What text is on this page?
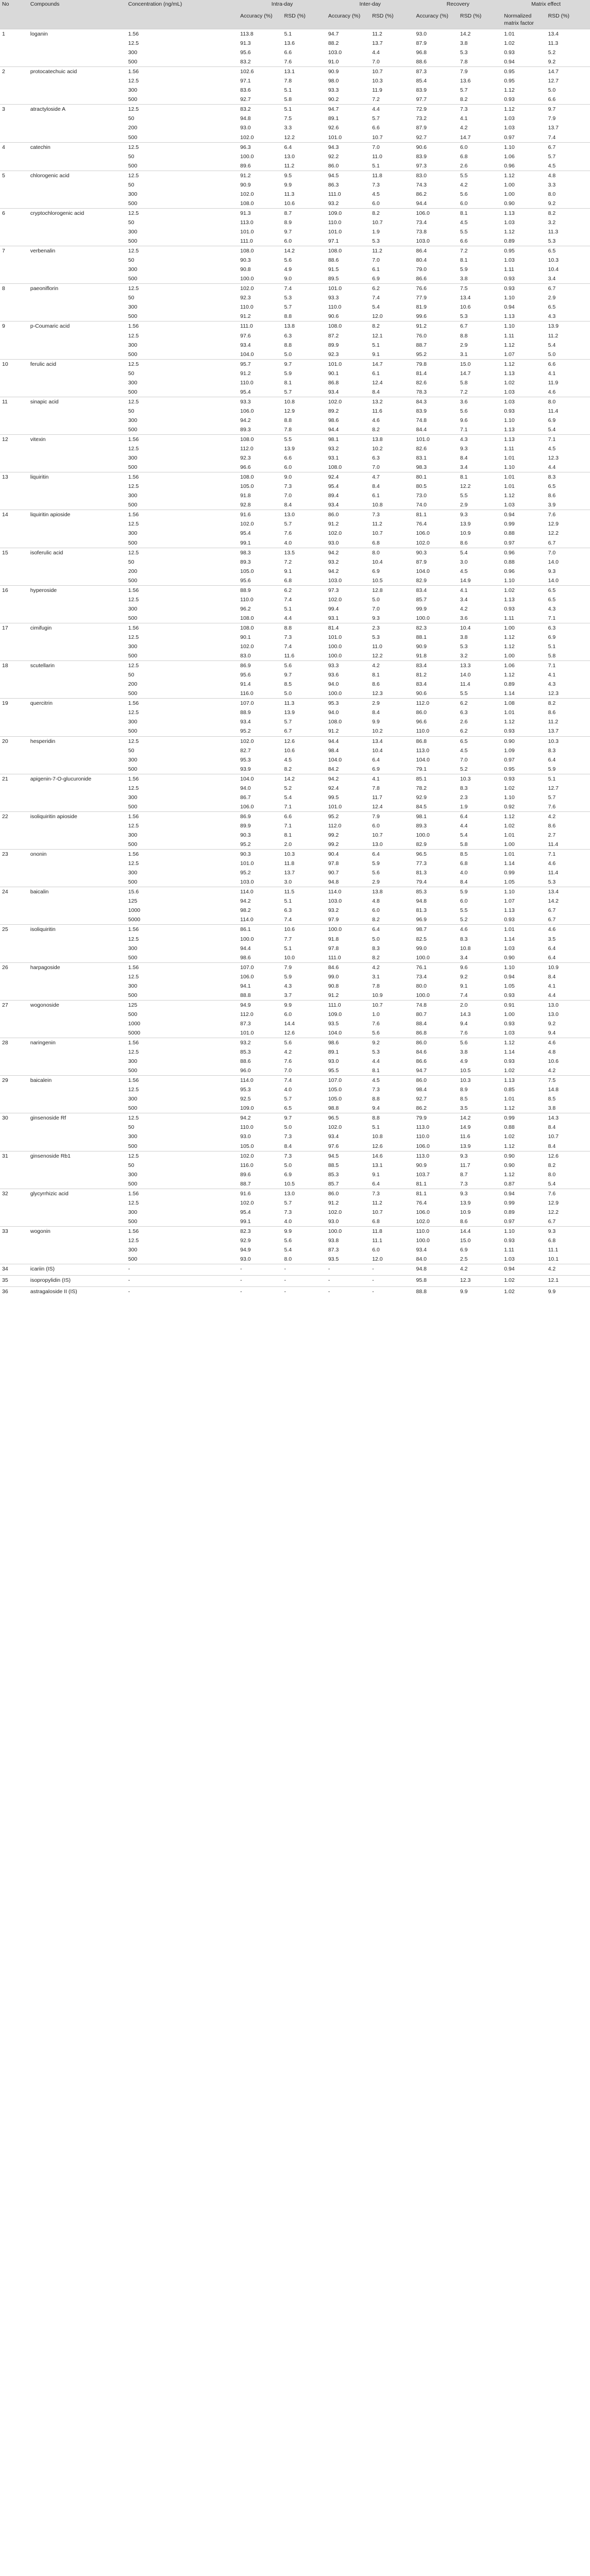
No	Compounds	Concentration (ng/mL)	Intra-day		Inter-day		Recovery		Matrix effect	
			Accuracy (%)	RSD (%)	Accuracy (%)	RSD (%)	Accuracy (%)	RSD (%)	Normalized matrix factor	RSD (%)
1	loganin	1.56	113.8	5.1	94.7	11.2	93.0	14.2	1.01	13.4
		12.5	91.3	13.6	88.2	13.7	87.9	3.8	1.02	11.3
		300	95.6	6.6	103.0	4.4	96.8	5.3	0.93	5.2
		500	83.2	7.6	91.0	7.0	88.6	7.8	0.94	9.2
2	protocatechuic acid	1.56	102.6	13.1	90.9	10.7	87.3	7.9	0.95	14.7
		12.5	97.1	7.8	98.0	10.3	85.4	13.6	0.95	12.7
		300	83.6	5.1	93.3	11.9	83.9	5.7	1.12	5.0
		500	92.7	5.8	90.2	7.2	97.7	8.2	0.93	6.6
3	atractyloside A	12.5	83.2	5.1	94.7	4.4	72.9	7.3	1.12	9.7
		50	94.8	7.5	89.1	5.7	73.2	4.1	1.03	7.9
		200	93.0	3.3	92.6	6.6	87.9	4.2	1.03	13.7
		500	102.0	12.2	101.0	10.7	92.7	14.7	0.97	7.4
4	catechin	12.5	96.3	6.4	94.3	7.0	90.6	6.0	1.10	6.7
		50	100.0	13.0	92.2	11.0	83.9	6.8	1.06	5.7
		500	89.6	11.2	86.0	5.1	97.3	2.6	0.96	4.5
5	chlorogenic acid	12.5	91.2	9.5	94.5	11.8	83.0	5.5	1.12	4.8
		50	90.9	9.9	86.3	7.3	74.3	4.2	1.00	3.3
		300	102.0	11.3	111.0	4.5	86.2	5.6	1.00	8.0
		500	108.0	10.6	93.2	6.0	94.4	6.0	0.90	9.2
6	cryptochlorogenic acid	12.5	91.3	8.7	109.0	8.2	106.0	8.1	1.13	8.2
		50	113.0	8.9	110.0	10.7	73.4	4.5	1.03	3.2
		300	101.0	9.7	101.0	1.9	73.8	5.5	1.12	11.3
		500	111.0	6.0	97.1	5.3	103.0	6.6	0.89	5.3
7	verbenalin	12.5	108.0	14.2	108.0	11.2	86.4	7.2	0.95	6.5
		50	90.3	5.6	88.6	7.0	80.4	8.1	1.03	10.3
		300	90.8	4.9	91.5	6.1	79.0	5.9	1.11	10.4
		500	100.0	9.0	89.5	6.9	86.6	3.8	0.93	3.4
8	paeoniflorin	12.5	102.0	7.4	101.0	6.2	76.6	7.5	0.93	6.7
		50	92.3	5.3	93.3	7.4	77.9	13.4	1.10	2.9
		300	110.0	5.7	110.0	5.4	81.9	10.6	0.94	6.5
		500	91.2	8.8	90.6	12.0	99.6	5.3	1.13	4.3
9	p-Coumaric acid	1.56	111.0	13.8	108.0	8.2	91.2	6.7	1.10	13.9
		12.5	97.6	6.3	87.2	12.1	76.0	8.8	1.11	11.2
		300	93.4	8.8	89.9	5.1	88.7	2.9	1.12	5.4
		500	104.0	5.0	92.3	9.1	95.2	3.1	1.07	5.0
10	ferulic acid	12.5	95.7	9.7	101.0	14.7	79.8	15.0	1.12	6.6
		50	91.2	5.9	90.1	6.1	81.4	14.7	1.13	4.1
		300	110.0	8.1	86.8	12.4	82.6	5.8	1.02	11.9
		500	95.4	5.7	93.4	8.4	78.3	7.2	1.03	4.6
11	sinapic acid	12.5	93.3	10.8	102.0	13.2	84.3	3.6	1.03	8.0
		50	106.0	12.9	89.2	11.6	83.9	5.6	0.93	11.4
		300	94.2	8.8	98.6	4.6	74.8	9.6	1.10	6.9
		500	89.3	7.8	94.4	8.2	84.4	7.1	1.13	5.4
12	vitexin	1.56	108.0	5.5	98.1	13.8	101.0	4.3	1.13	7.1
		12.5	112.0	13.9	93.2	10.2	82.6	9.3	1.11	4.5
		300	92.3	6.6	93.1	6.3	83.1	8.4	1.01	12.3
		500	96.6	6.0	108.0	7.0	98.3	3.4	1.10	4.4
13	liquiritin	1.56	108.0	9.0	92.4	4.7	80.1	8.1	1.01	8.3
		12.5	105.0	7.3	95.4	8.4	80.5	12.2	1.01	6.5
		300	91.8	7.0	89.4	6.1	73.0	5.5	1.12	8.6
		500	92.8	8.4	93.4	10.8	74.0	2.9	1.03	3.9
14	liquiritin apioside	1.56	91.6	13.0	86.0	7.3	81.1	9.3	0.94	7.6
		12.5	102.0	5.7	91.2	11.2	76.4	13.9	0.99	12.9
		300	95.4	7.6	102.0	10.7	106.0	10.9	0.88	12.2
		500	99.1	4.0	93.0	6.8	102.0	8.6	0.97	6.7
15	isoferulic acid	12.5	98.3	13.5	94.2	8.0	90.3	5.4	0.96	7.0
		50	89.3	7.2	93.2	10.4	87.9	3.0	0.88	14.0
		200	105.0	9.1	94.2	6.9	104.0	4.5	0.96	9.3
		500	95.6	6.8	103.0	10.5	82.9	14.9	1.10	14.0
16	hyperoside	1.56	88.9	6.2	97.3	12.8	83.4	4.1	1.02	6.5
		12.5	110.0	7.4	102.0	5.0	85.7	3.4	1.13	6.5
		300	96.2	5.1	99.4	7.0	99.9	4.2	0.93	4.3
		500	108.0	4.4	93.1	9.3	100.0	3.6	1.11	7.1
17	cimifugin	1.56	108.0	8.8	81.4	2.3	82.3	10.4	1.00	6.3
		12.5	90.1	7.3	101.0	5.3	88.1	3.8	1.12	6.9
		300	102.0	7.4	100.0	11.0	90.9	5.3	1.12	5.1
		500	83.0	11.6	100.0	12.2	91.8	3.2	1.00	5.8
18	scutellarin	12.5	86.9	5.6	93.3	4.2	83.4	13.3	1.06	7.1
		50	95.6	9.7	93.6	8.1	81.2	14.0	1.12	4.1
		200	91.4	8.5	94.0	8.6	83.4	11.4	0.89	4.3
		500	116.0	5.0	100.0	12.3	90.6	5.5	1.14	12.3
19	quercitrin	1.56	107.0	11.3	95.3	2.9	112.0	6.2	1.08	8.2
		12.5	88.9	13.9	94.0	8.4	86.0	6.3	1.01	8.6
		300	93.4	5.7	108.0	9.9	96.6	2.6	1.12	11.2
		500	95.2	6.7	91.2	10.2	110.0	6.2	0.93	13.7
20	hesperidin	12.5	102.0	12.6	94.4	13.4	86.8	6.5	0.90	10.3
		50	82.7	10.6	98.4	10.4	113.0	4.5	1.09	8.3
		300	95.3	4.5	104.0	6.4	104.0	7.0	0.97	6.4
		500	93.9	8.2	84.2	6.9	79.1	5.2	0.95	5.9
21	apigenin-7-O-glucuronide	1.56	104.0	14.2	94.2	4.1	85.1	10.3	0.93	5.1
		12.5	94.0	5.2	92.4	7.8	78.2	8.3	1.02	12.7
		300	86.7	5.4	99.5	11.7	92.9	2.3	1.10	5.7
		500	106.0	7.1	101.0	12.4	84.5	1.9	0.92	7.6
22	isoliquiritin apioside	1.56	86.9	6.6	95.2	7.9	98.1	6.4	1.12	4.2
		12.5	89.9	7.1	112.0	6.0	89.3	4.4	1.02	8.6
		300	90.3	8.1	99.2	10.7	100.0	5.4	1.01	2.7
		500	95.2	2.0	99.2	13.0	82.9	5.8	1.00	11.4
23	ononin	1.56	90.3	10.3	90.4	6.4	96.5	8.5	1.01	7.1
		12.5	101.0	11.8	97.8	5.9	77.3	6.8	1.14	4.6
		300	95.2	13.7	90.7	5.6	81.3	4.0	0.99	11.4
		500	103.0	3.0	94.8	2.9	79.4	8.4	1.05	5.3
24	baicalin	15.6	114.0	11.5	114.0	13.8	85.3	5.9	1.10	13.4
		125	94.2	5.1	103.0	4.8	94.8	6.0	1.07	14.2
		1000	98.2	6.3	93.2	6.0	81.3	5.5	1.13	6.7
		5000	114.0	7.4	97.9	8.2	96.9	5.2	0.93	6.7
25	isoliquiritin	1.56	86.1	10.6	100.0	6.4	98.7	4.6	1.01	4.6
		12.5	100.0	7.7	91.8	5.0	82.5	8.3	1.14	3.5
		300	94.4	5.1	97.8	8.3	99.0	10.8	1.03	6.4
		500	98.6	10.0	111.0	8.2	100.0	3.4	0.90	6.4
26	harpagoside	1.56	107.0	7.9	84.6	4.2	76.1	9.6	1.10	10.9
		12.5	106.0	5.9	99.0	3.1	73.4	9.2	0.94	8.4
		300	94.1	4.3	90.8	7.8	80.0	9.1	1.05	4.1
		500	88.8	3.7	91.2	10.9	100.0	7.4	0.93	4.4
27	wogonoside	125	94.9	9.9	111.0	10.7	74.8	2.0	0.91	13.0
		500	112.0	6.0	109.0	1.0	80.7	14.3	1.00	13.0
		1000	87.3	14.4	93.5	7.6	88.4	9.4	0.93	9.2
		5000	101.0	12.6	104.0	5.6	86.8	7.6	1.03	9.4
28	naringenin	1.56	93.2	5.6	98.6	9.2	86.0	5.6	1.12	4.6
		12.5	85.3	4.2	89.1	5.3	84.6	3.8	1.14	4.8
		300	88.6	7.6	93.0	4.4	86.6	4.9	0.93	10.6
		500	96.0	7.0	95.5	8.1	94.7	10.5	1.02	4.2
29	baicalein	1.56	114.0	7.4	107.0	4.5	86.0	10.3	1.13	7.5
		12.5	95.3	4.0	105.0	7.3	98.4	8.9	0.85	14.8
		300	92.5	5.7	105.0	8.8	92.7	8.5	1.01	8.5
		500	109.0	6.5	98.8	9.4	86.2	3.5	1.12	3.8
30	ginsenoside Rf	12.5	94.2	9.7	96.5	8.8	79.9	14.2	0.99	14.3
		50	110.0	5.0	102.0	5.1	113.0	14.9	0.88	8.4
		300	93.0	7.3	93.4	10.8	110.0	11.6	1.02	10.7
		500	105.0	8.4	97.6	12.6	106.0	13.9	1.12	8.4
31	ginsenoside Rb1	12.5	102.0	7.3	94.5	14.6	113.0	9.3	0.90	12.6
		50	116.0	5.0	88.5	13.1	90.9	11.7	0.90	8.2
		300	89.6	6.9	85.3	9.1	103.7	8.7	1.12	8.0
		500	88.7	10.5	85.7	6.4	81.1	7.3	0.87	5.4
32	glycyrrhizic acid	1.56	91.6	13.0	86.0	7.3	81.1	9.3	0.94	7.6
		12.5	102.0	5.7	91.2	11.2	76.4	13.9	0.99	12.9
		300	95.4	7.3	102.0	10.7	106.0	10.9	0.89	12.2
		500	99.1	4.0	93.0	6.8	102.0	8.6	0.97	6.7
33	wogonin	1.56	82.3	9.9	100.0	11.8	110.0	14.4	1.10	9.3
		12.5	92.9	5.6	93.8	11.1	100.0	15.0	0.93	6.8
		300	94.9	5.4	87.3	6.0	93.4	6.9	1.11	11.1
		500	93.0	8.0	93.5	12.0	84.0	2.5	1.03	10.1
34	icariin (IS)	-	-	-	-	-	94.8	4.2	0.94	4.2
35	isopropylidin (IS)	-	-	-	-	-	95.8	12.3	1.02	12.1
36	astragaloside II (IS)	-	-	-	-	-	88.8	9.9	1.02	9.9
